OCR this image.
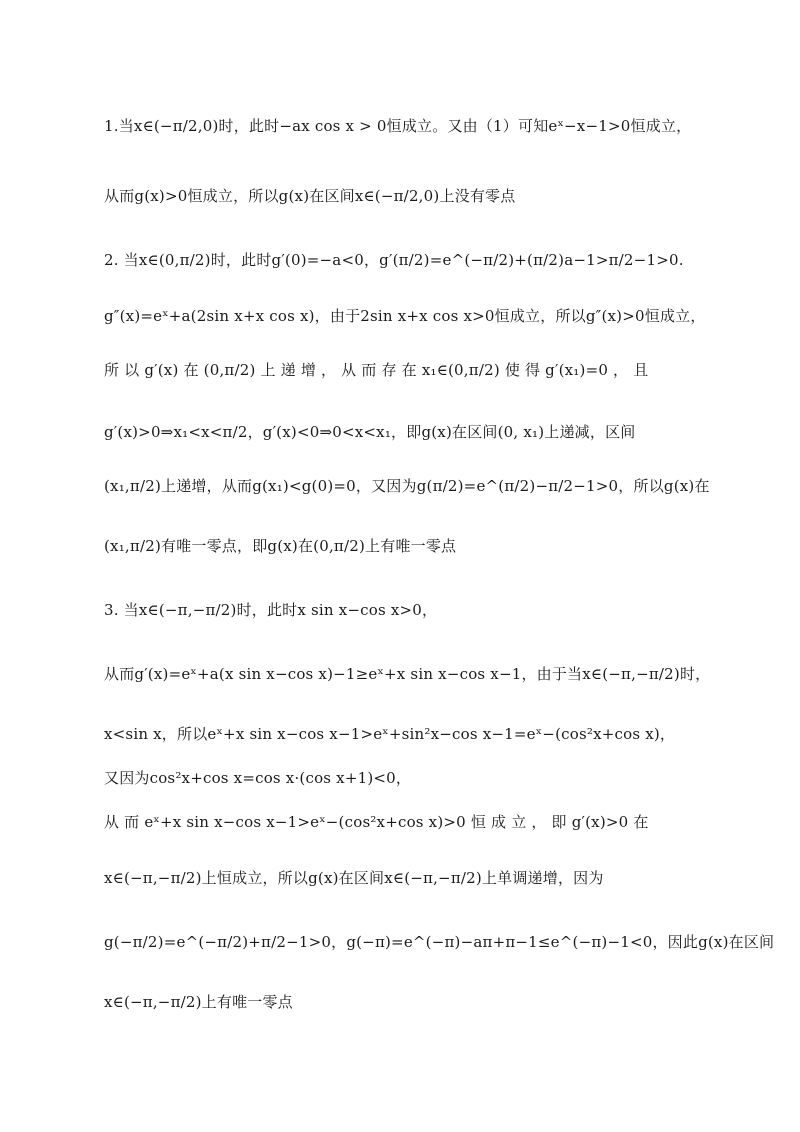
1.当x∈(−π/2,0)时，此时−ax cos x > 0恒成立。又由（1）可知eˣ−x−1>0恒成立，
从而g(x)>0恒成立，所以g(x)在区间x∈(−π/2,0)上没有零点
2. 当x∈(0,π/2)时，此时g′(0)=−a<0，g′(π/2)=e^(−π/2)+(π/2)a−1>π/2−1>0.
g″(x)=eˣ+a(2sin x+x cos x)，由于2sin x+x cos x>0恒成立，所以g″(x)>0恒成立，
所 以 g′(x) 在 (0,π/2) 上 递 增 ， 从 而 存 在 x₁∈(0,π/2) 使 得 g′(x₁)=0 ， 且
g′(x)>0⇒x₁<x<π/2，g′(x)<0⇒0<x<x₁，即g(x)在区间(0, x₁)上递减，区间
(x₁,π/2)上递增，从而g(x₁)<g(0)=0，又因为g(π/2)=e^(π/2)−π/2−1>0，所以g(x)在
(x₁,π/2)有唯一零点，即g(x)在(0,π/2)上有唯一零点
3. 当x∈(−π,−π/2)时，此时x sin x−cos x>0，
从而g′(x)=eˣ+a(x sin x−cos x)−1≥eˣ+x sin x−cos x−1，由于当x∈(−π,−π/2)时，
x<sin x，所以eˣ+x sin x−cos x−1>eˣ+sin²x−cos x−1=eˣ−(cos²x+cos x)，
又因为cos²x+cos x=cos x·(cos x+1)<0，
从 而 eˣ+x sin x−cos x−1>eˣ−(cos²x+cos x)>0 恒 成 立 ， 即 g′(x)>0 在
x∈(−π,−π/2)上恒成立，所以g(x)在区间x∈(−π,−π/2)上单调递增，因为
g(−π/2)=e^(−π/2)+π/2−1>0，g(−π)=e^(−π)−aπ+π−1≤e^(−π)−1<0，因此g(x)在区间
x∈(−π,−π/2)上有唯一零点
